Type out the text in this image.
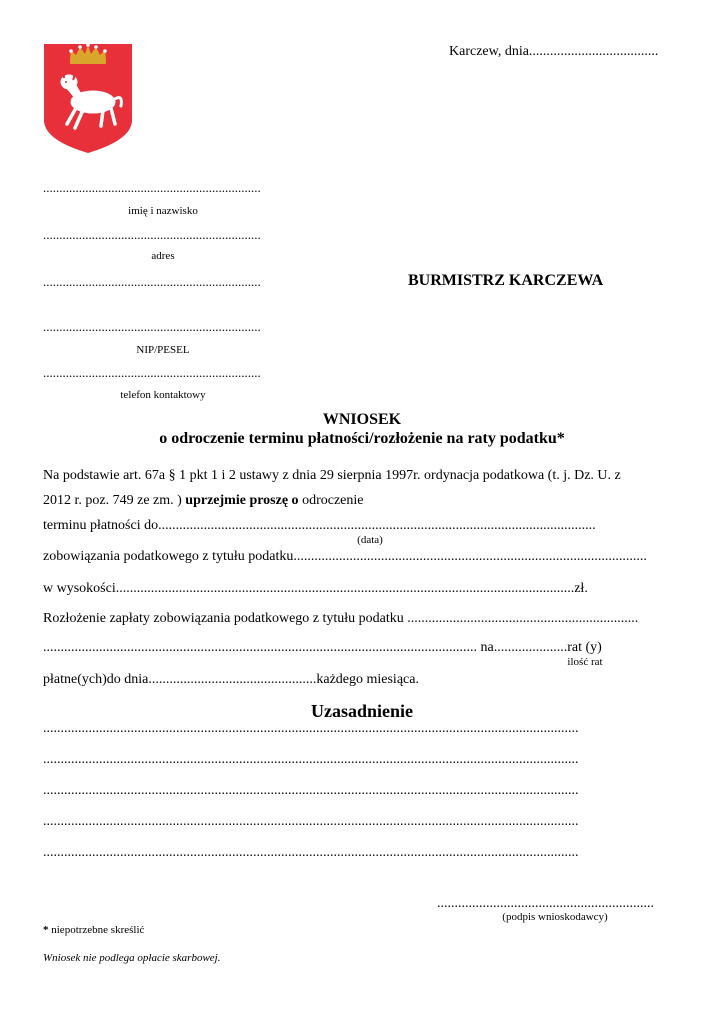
Karczew, dnia.....................................
...................................................................
imię i nazwisko
...................................................................
adres
...................................................................
...................................................................
NIP/PESEL
...................................................................
telefon kontaktowy
BURMISTRZ KARCZEWA
WNIOSEK
o odroczenie terminu płatności/rozłożenie na raty podatku*
Na podstawie art. 67a § 1 pkt 1 i 2 ustawy z dnia 29 sierpnia 1997r. ordynacja podatkowa (t. j. Dz. U. z
2012 r. poz. 749 ze zm. ) uprzejmie proszę o odroczenie
terminu płatności do.............................................................................................................................
(data)
zobowiązania podatkowego z tytułu podatku.....................................................................................................
w wysokości...................................................................................................................................zł.
Rozłożenie zapłaty zobowiązania podatkowego z tytułu podatku ..................................................................
............................................................................................................................ na.....................rat (y)
ilość rat
płatne(ych)do dnia................................................każdego miesiąca.
Uzasadnienie
.........................................................................................................................................................
.........................................................................................................................................................
.........................................................................................................................................................
.........................................................................................................................................................
.........................................................................................................................................................
..............................................................
(podpis wnioskodawcy)
* niepotrzebne skreślić
Wniosek nie podlega opłacie skarbowej.
